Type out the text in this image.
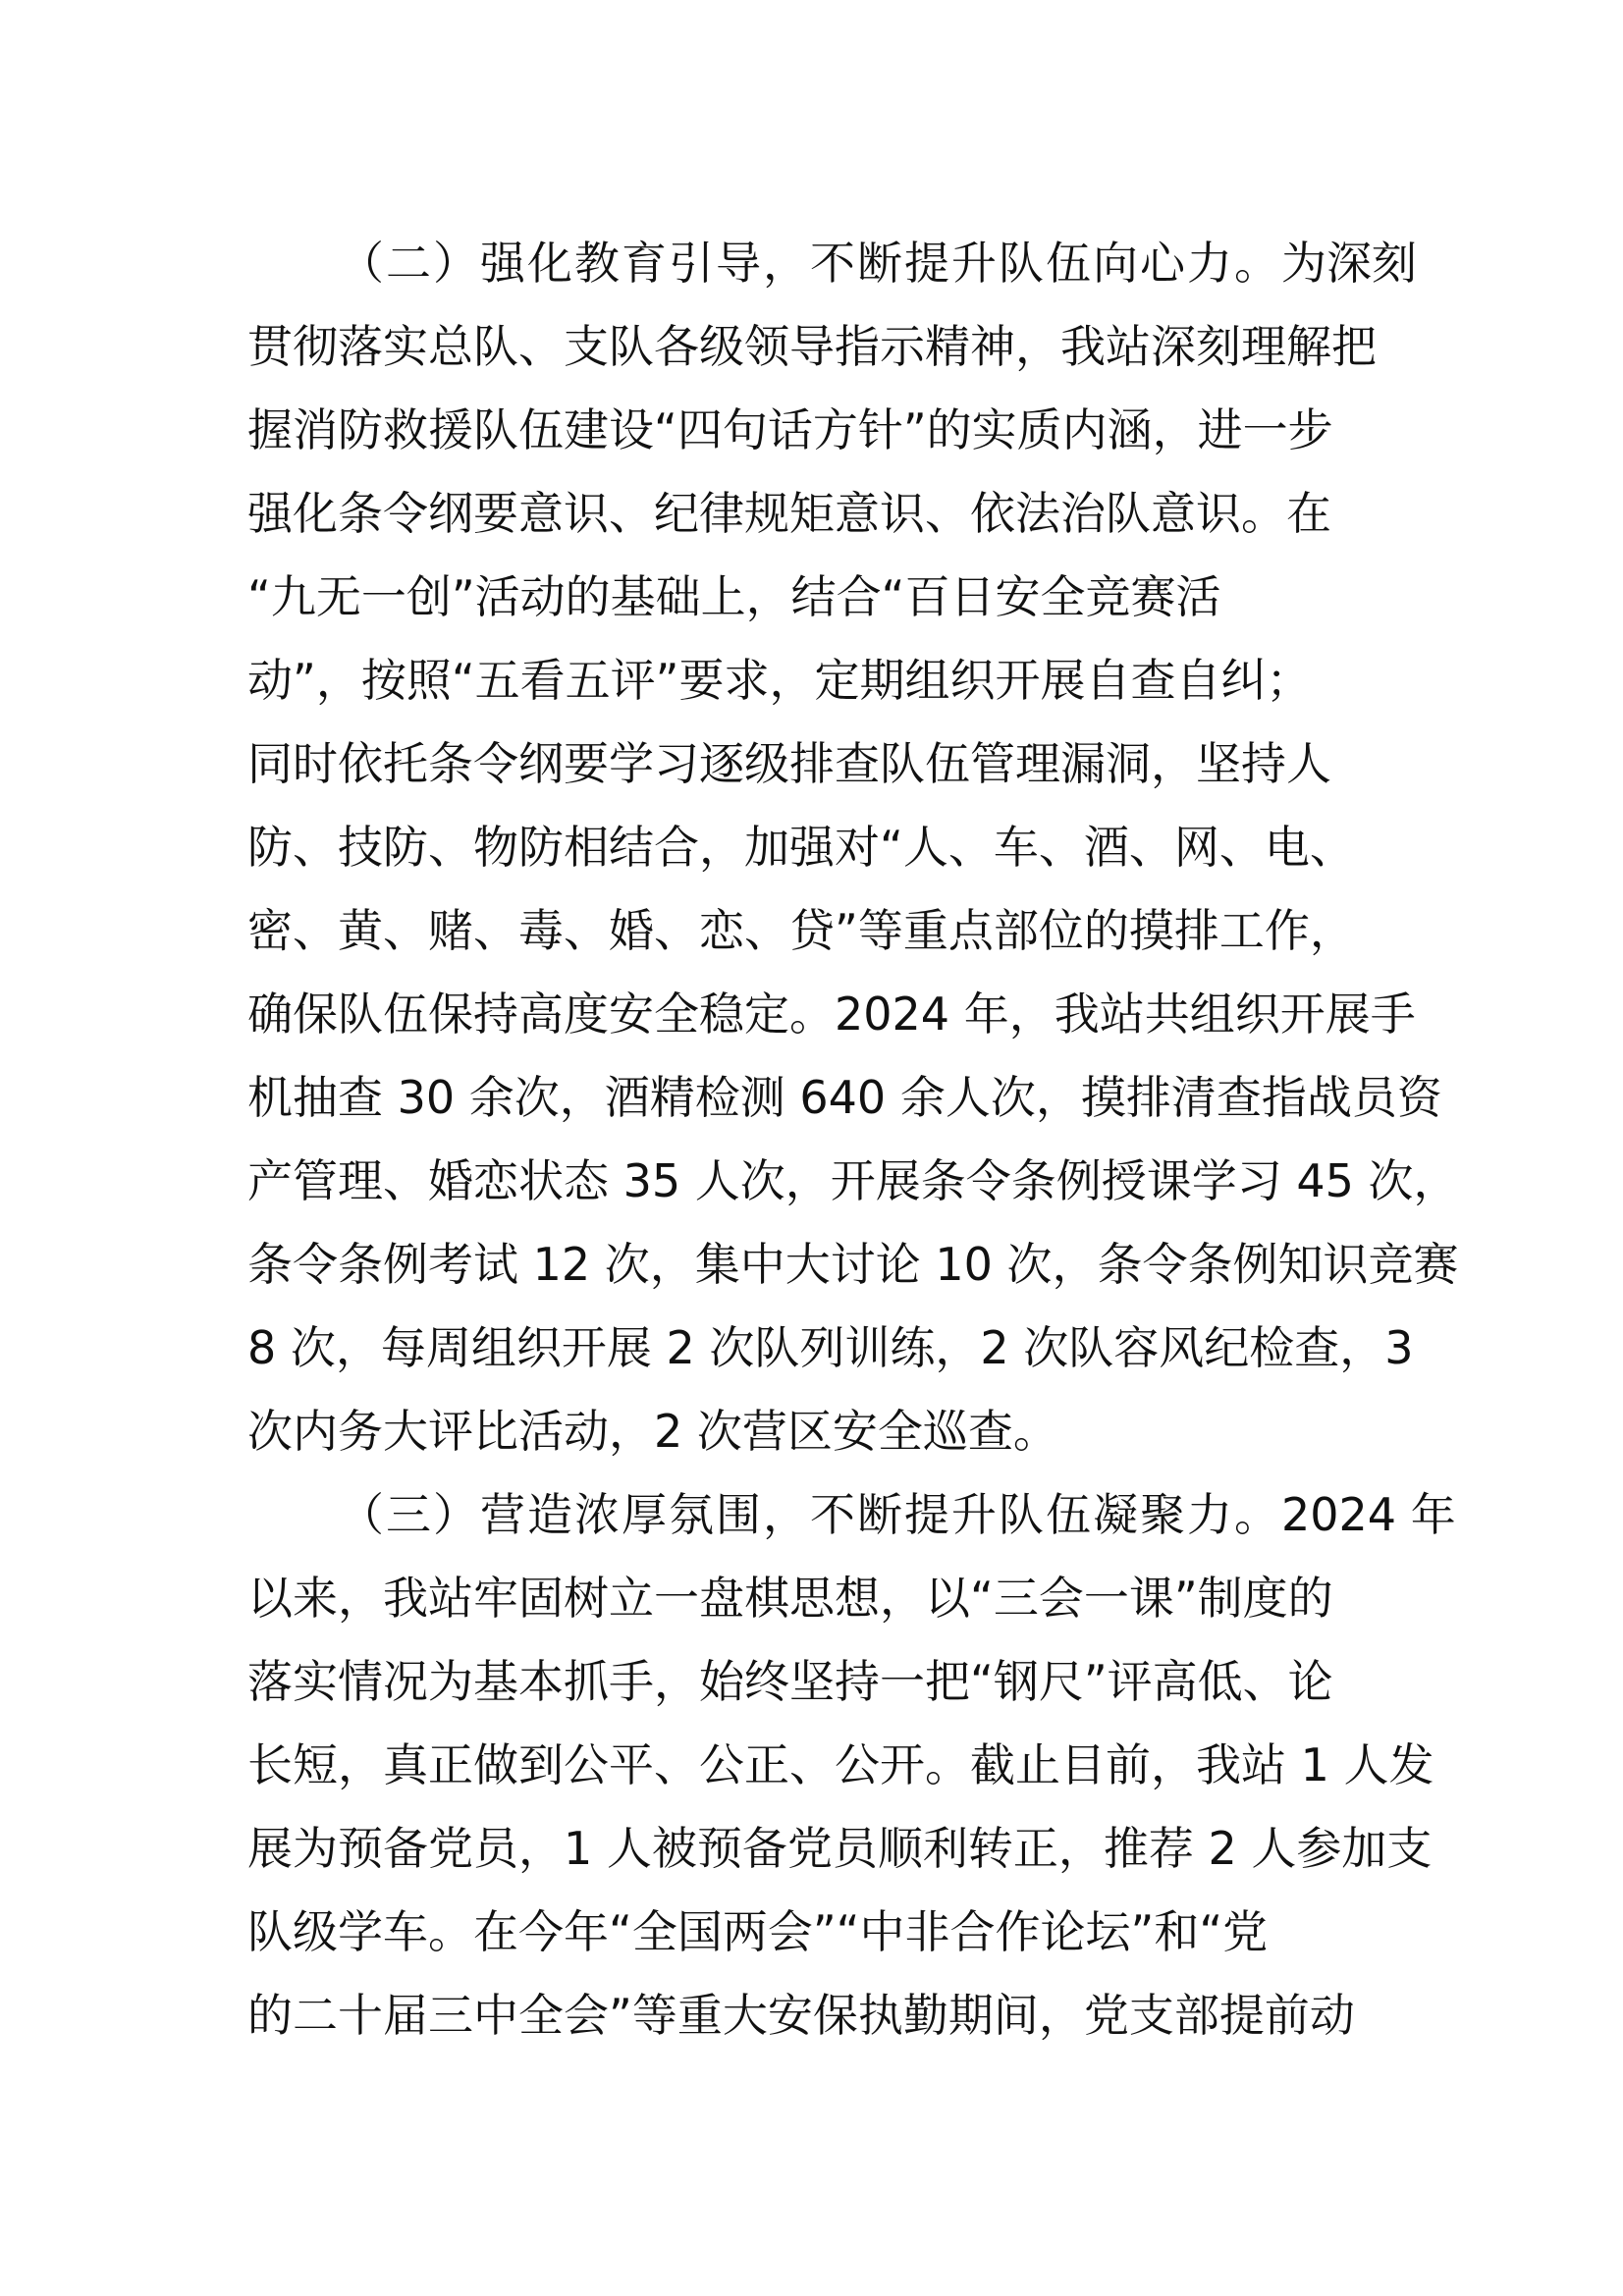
（二）强化教育引导，不断提升队伍向心力。为深刻
贯彻落实总队、支队各级领导指示精神，我站深刻理解把
握消防救援队伍建设“四句话方针”的实质内涵，进一步
强化条令纲要意识、纪律规矩意识、依法治队意识。在
“九无一创”活动的基础上，结合“百日安全竞赛活
动”，按照“五看五评”要求，定期组织开展自查自纠；
同时依托条令纲要学习逐级排查队伍管理漏洞，坚持人
防、技防、物防相结合，加强对“人、车、酒、网、电、
密、黄、赌、毒、婚、恋、贷”等重点部位的摸排工作，
确保队伍保持高度安全稳定。2024 年，我站共组织开展手
机抽查 30 余次，酒精检测 640 余人次，摸排清查指战员资
产管理、婚恋状态 35 人次，开展条令条例授课学习 45 次，
条令条例考试 12 次，集中大讨论 10 次，条令条例知识竞赛
8 次，每周组织开展 2 次队列训练，2 次队容风纪检查，3
次内务大评比活动，2 次营区安全巡查。
（三）营造浓厚氛围，不断提升队伍凝聚力。2024 年
以来，我站牢固树立一盘棋思想，以“三会一课”制度的
落实情况为基本抓手，始终坚持一把“钢尺”评高低、论
长短，真正做到公平、公正、公开。截止目前，我站 1 人发
展为预备党员，1 人被预备党员顺利转正，推荐 2 人参加支
队级学车。在今年“全国两会”“中非合作论坛”和“党
的二十届三中全会”等重大安保执勤期间，党支部提前动
